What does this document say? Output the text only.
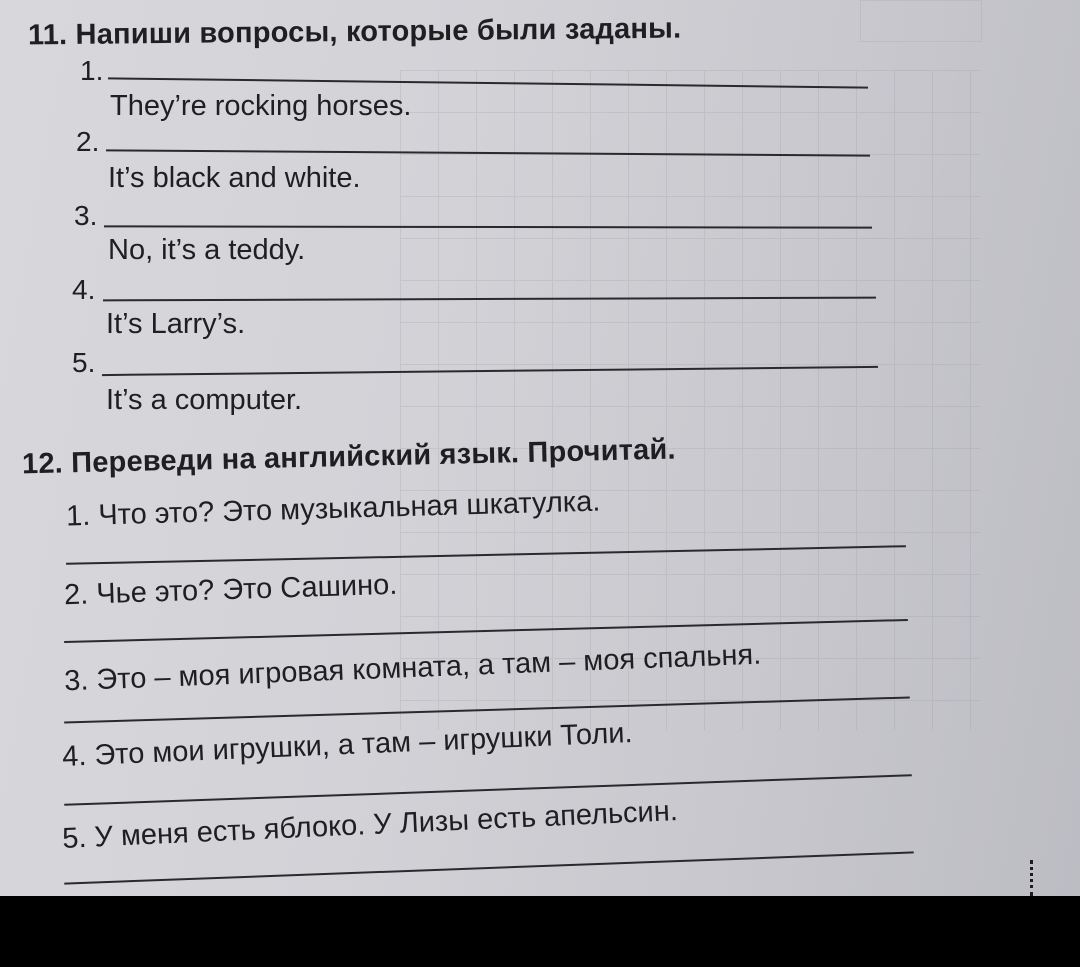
11. Напиши вопросы, которые были заданы.
1.
They’re rocking horses.
2.
It’s black and white.
3.
No, it’s a teddy.
4.
It’s Larry’s.
5.
It’s a computer.
12. Переведи на английский язык. Прочитай.
1. Что это? Это музыкальная шкатулка.
2. Чье это? Это Сашино.
3. Это – моя игровая комната, а там – моя спальня.
4. Это мои игрушки, а там – игрушки Толи.
5. У меня есть яблоко. У Лизы есть апельсин.
